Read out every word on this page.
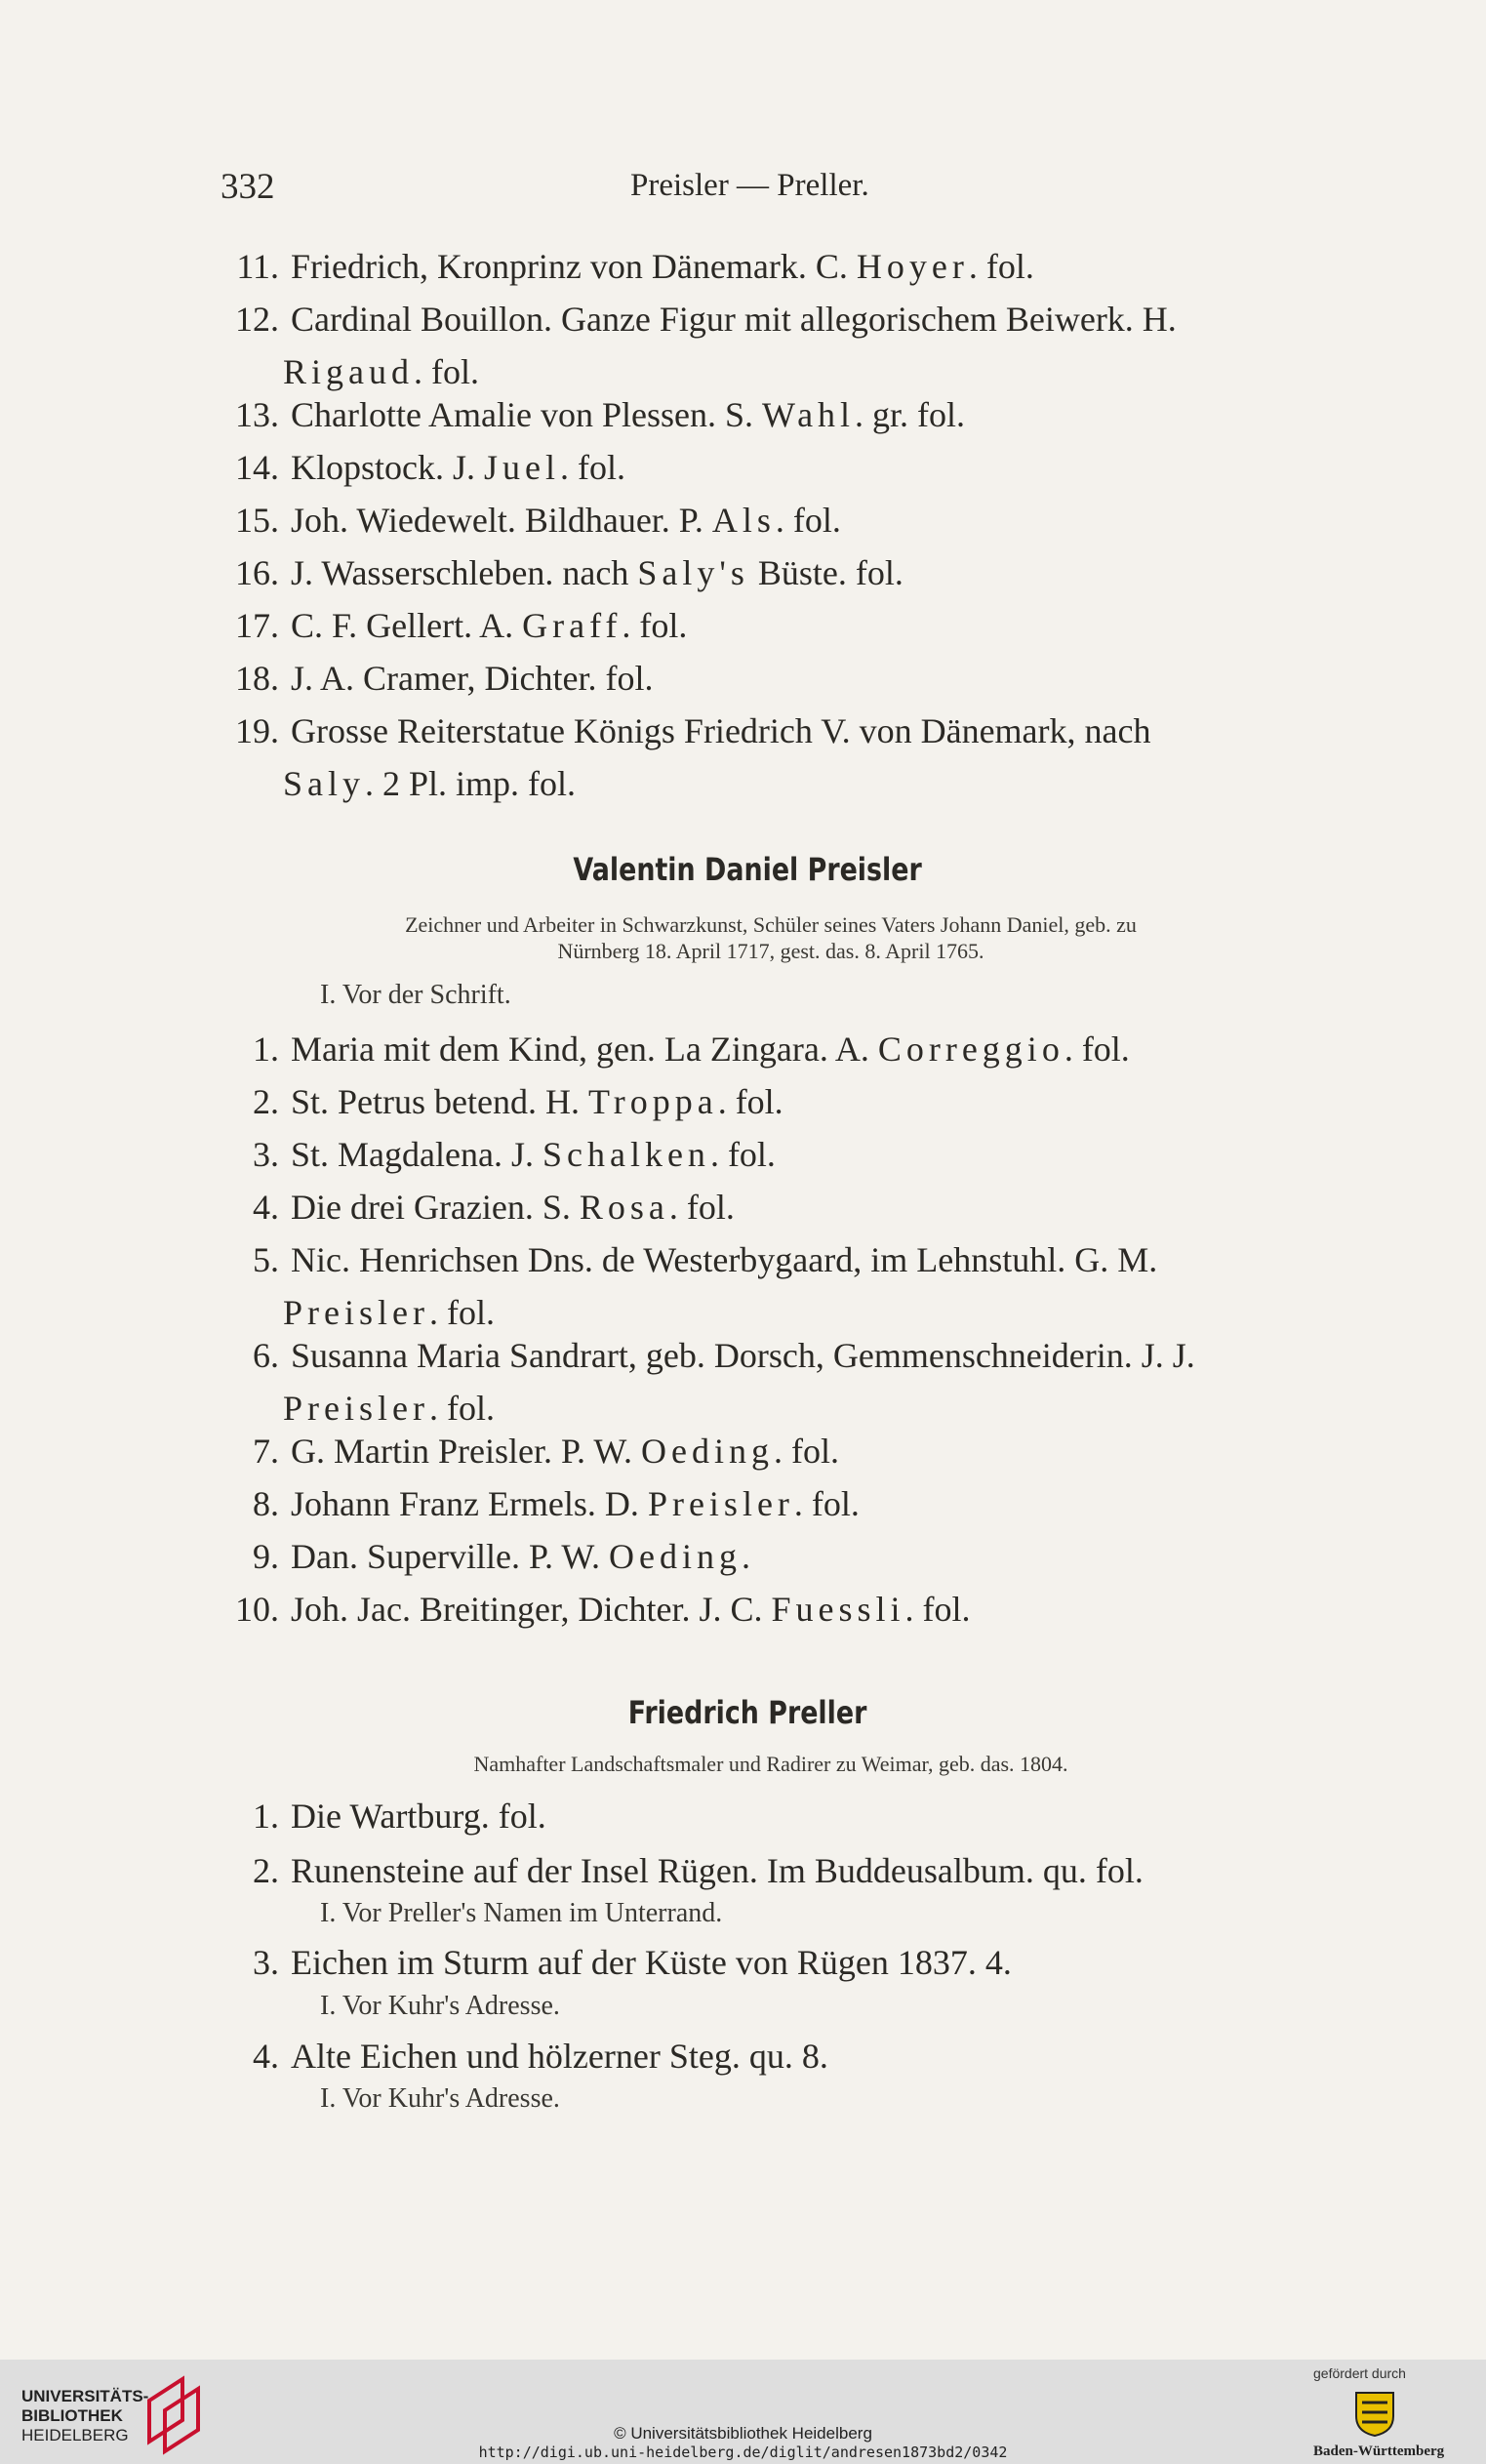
332	Preisler — Preller.
11. Friedrich, Kronprinz von Dänemark. C. Hoyer. fol.
12. Cardinal Bouillon. Ganze Figur mit allegorischem Beiwerk. H.
Rigaud. fol.
13. Charlotte Amalie von Plessen. S. Wahl. gr. fol.
14. Klopstock. J. Juel. fol.
15. Joh. Wiedewelt. Bildhauer. P. Als. fol.
16. J. Wasserschleben. nach Saly's Büste. fol.
17. C. F. Gellert. A. Graff. fol.
18. J. A. Cramer, Dichter. fol.
19. Grosse Reiterstatue Königs Friedrich V. von Dänemark, nach
Saly. 2 Pl. imp. fol.
Valentin Daniel Preisler
Zeichner und Arbeiter in Schwarzkunst, Schüler seines Vaters Johann Daniel, geb. zu
Nürnberg 18. April 1717, gest. das. 8. April 1765.
I. Vor der Schrift.
1. Maria mit dem Kind, gen. La Zingara. A. Correggio. fol.
2. St. Petrus betend. H. Troppa. fol.
3. St. Magdalena. J. Schalken. fol.
4. Die drei Grazien. S. Rosa. fol.
5. Nic. Henrichsen Dns. de Westerbygaard, im Lehnstuhl. G. M.
Preisler. fol.
6. Susanna Maria Sandrart, geb. Dorsch, Gemmenschneiderin. J. J.
Preisler. fol.
7. G. Martin Preisler. P. W. Oeding. fol.
8. Johann Franz Ermels. D. Preisler. fol.
9. Dan. Superville. P. W. Oeding.
10. Joh. Jac. Breitinger, Dichter. J. C. Fuessli. fol.
Friedrich Preller
Namhafter Landschaftsmaler und Radirer zu Weimar, geb. das. 1804.
1. Die Wartburg. fol.
2. Runensteine auf der Insel Rügen. Im Buddeusalbum. qu. fol.
I. Vor Preller's Namen im Unterrand.
3. Eichen im Sturm auf der Küste von Rügen 1837. 4.
I. Vor Kuhr's Adresse.
4. Alte Eichen und hölzerner Steg. qu. 8.
I. Vor Kuhr's Adresse.
UNIVERSITÄTS-
BIBLIOTHEK
HEIDELBERG	© Universitätsbibliothek Heidelberg
http://digi.ub.uni-heidelberg.de/diglit/andresen1873bd2/0342
gefördert durch
Baden-Württemberg
